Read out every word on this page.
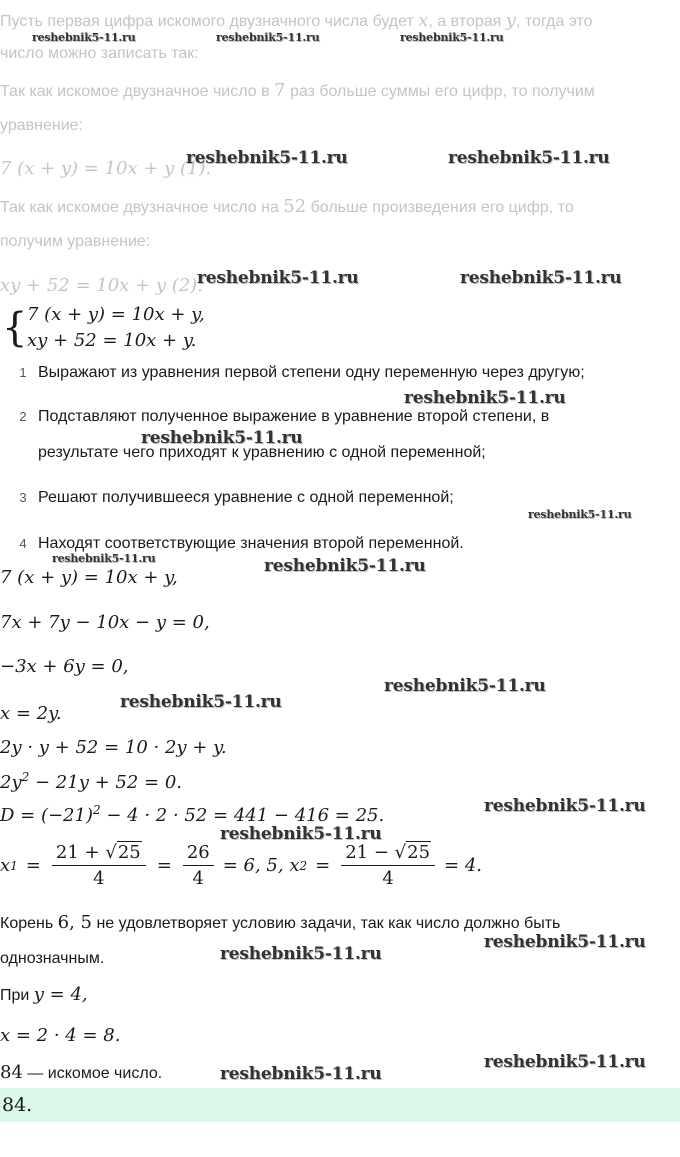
Пусть первая цифра искомого двузначного числа будет x, а вторая y, тогда это
число можно записать так:
Так как искомое двузначное число в 7 раз больше суммы его цифр, то получим
уравнение:
7 (x + y) = 10x + y (1).
Так как искомое двузначное число на 52 больше произведения его цифр, то
получим уравнение:
xy + 52 = 10x + y (2).
{ 7 (x + y) = 10x + y,
xy + 52 = 10x + y.
1 Выражают из уравнения первой степени одну переменную через другую;
2 Подставляют полученное выражение в уравнение второй степени, в
результате чего приходят к уравнению с одной переменной;
3 Решают получившееся уравнение с одной переменной;
4 Находят соответствующие значения второй переменной.
7 (x + y) = 10x + y,
7x + 7y − 10x − y = 0,
−3x + 6y = 0,
x = 2y.
2y · y + 52 = 10 · 2y + y.
$2y^2 - 21y + 52 = 0$.
$D = (-21)^2 - 4 \cdot 2 \cdot 52 = 441 - 416 = 25$.
x $1 = \frac{21 + √25}{4} = \frac{26}{4} = 6$, 5, x $2 = \frac{21 - √25}{4} = 4$.
Корень 6, 5 не удовлетворяет условию задачи, так как число должно быть
однозначным.
При y = 4,
x = 2 · 4 = 8.
84 — искомое число.
84.
reshebnik5-11.ru	reshebnik5-11.ru	reshebnik5-11.ru
reshebnik5-11.ru	reshebnik5-11.ru
reshebnik5-11.ru	reshebnik5-11.ru
reshebnik5-11.ru
reshebnik5-11.ru
reshebnik5-11.ru
reshebnik5-11.ru	reshebnik5-11.ru
reshebnik5-11.ru
reshebnik5-11.ru
reshebnik5-11.ru
reshebnik5-11.ru
reshebnik5-11.ru
reshebnik5-11.ru
reshebnik5-11.ru
reshebnik5-11.ru
